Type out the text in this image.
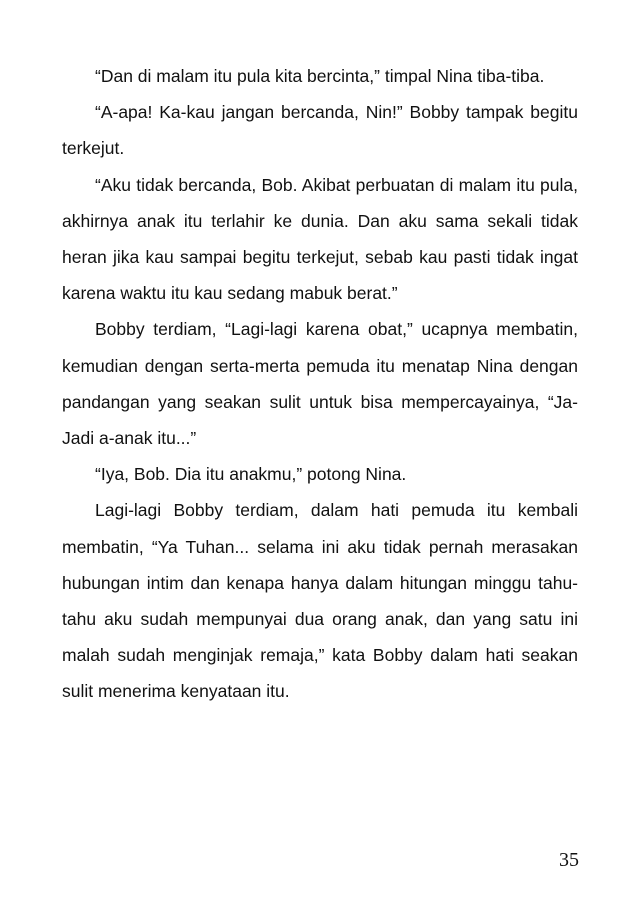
“Dan di malam itu pula kita bercinta,” timpal Nina tiba-tiba.

“A-apa! Ka-kau jangan bercanda, Nin!” Bobby tampak begitu terkejut.

“Aku tidak bercanda, Bob. Akibat perbuatan di malam itu pula, akhirnya anak itu terlahir ke dunia. Dan aku sama sekali tidak heran jika kau sampai begitu terkejut, sebab kau pasti tidak ingat karena waktu itu kau sedang mabuk berat.”

Bobby terdiam, “Lagi-lagi karena obat,” ucapnya membatin, kemudian dengan serta-merta pemuda itu menatap Nina dengan pandangan yang seakan sulit untuk bisa mempercayainya, “Ja-Jadi a-anak itu...”

“Iya, Bob. Dia itu anakmu,” potong Nina.

Lagi-lagi Bobby terdiam, dalam hati pemuda itu kembali membatin, “Ya Tuhan... selama ini aku tidak pernah merasakan hubungan intim dan kenapa hanya dalam hitungan minggu tahu-tahu aku sudah mempunyai dua orang anak, dan yang satu ini malah sudah menginjak remaja,” kata Bobby dalam hati seakan sulit menerima kenyataan itu.

35
